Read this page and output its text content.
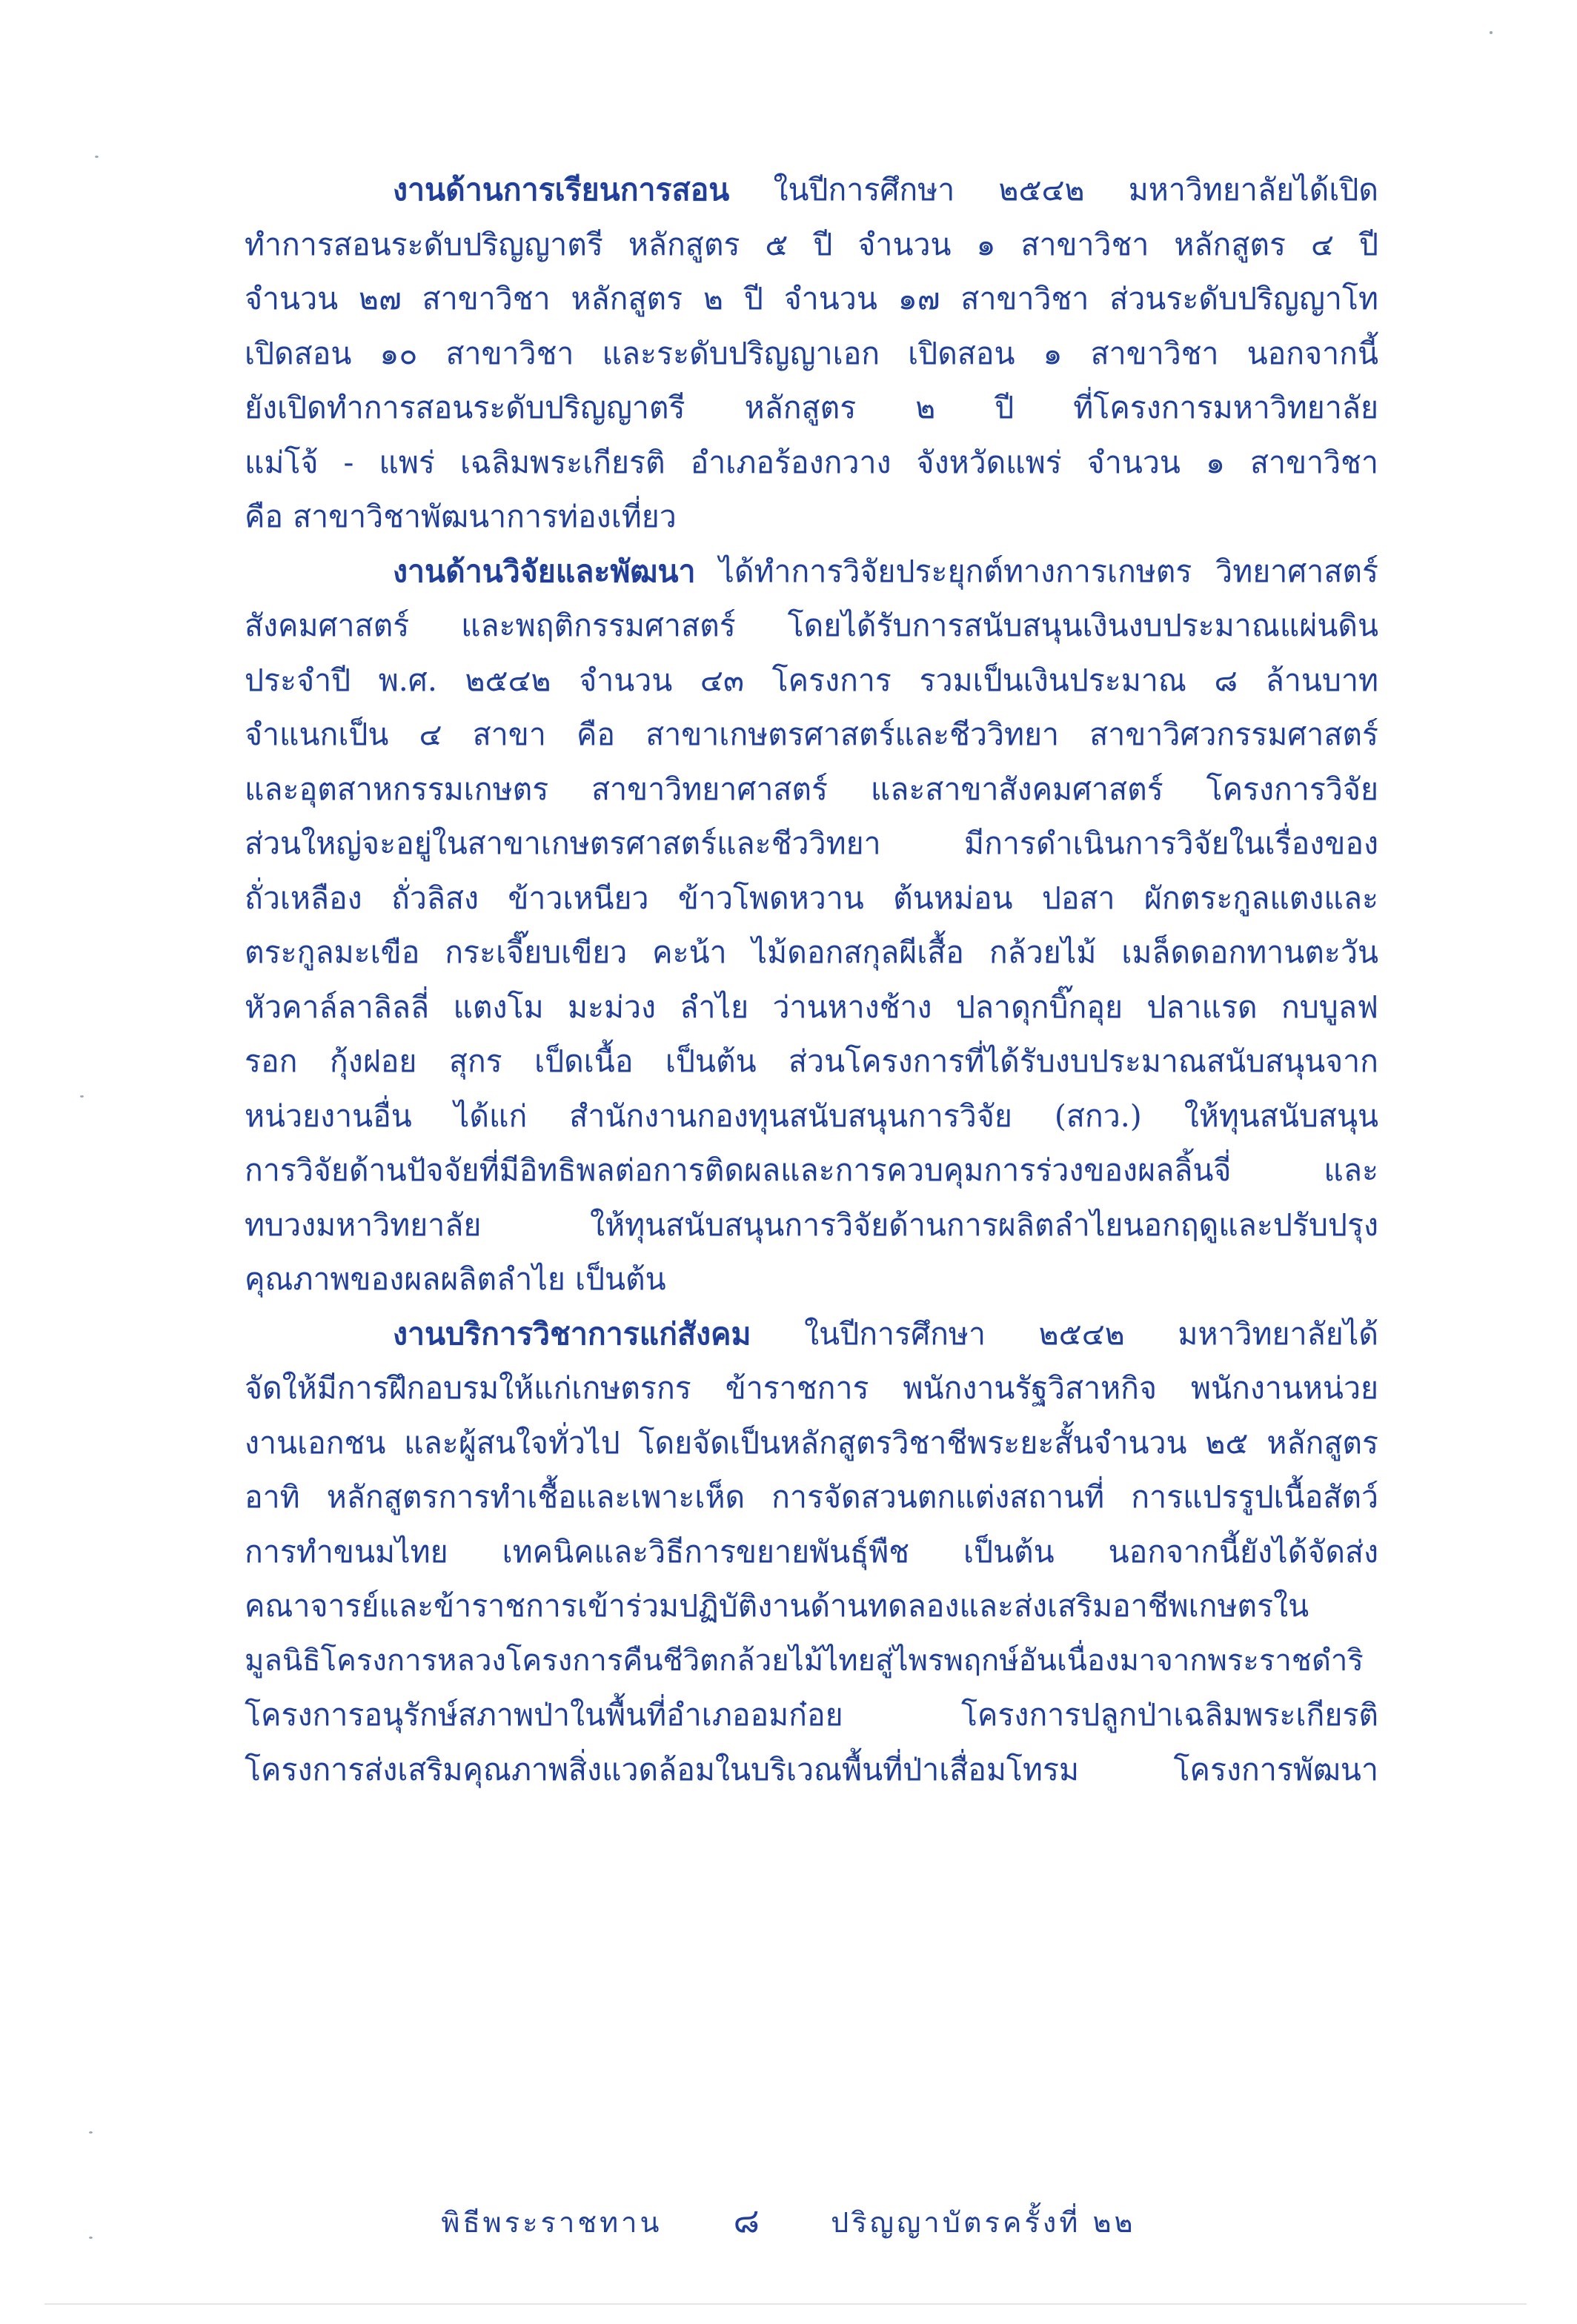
งานด้านการเรียนการสอน ในปีการศึกษา ๒๕๔๒ มหาวิทยาลัยได้เปิด
ทำการสอนระดับปริญญาตรี หลักสูตร ๕ ปี จำนวน ๑ สาขาวิชา หลักสูตร ๔ ปี
จำนวน ๒๗ สาขาวิชา หลักสูตร ๒ ปี จำนวน ๑๗ สาขาวิชา ส่วนระดับปริญญาโท
เปิดสอน ๑๐ สาขาวิชา และระดับปริญญาเอก เปิดสอน ๑ สาขาวิชา นอกจากนี้
ยังเปิดทำการสอนระดับปริญญาตรี หลักสูตร ๒ ปี ที่โครงการมหาวิทยาลัย
แม่โจ้ - แพร่ เฉลิมพระเกียรติ อำเภอร้องกวาง จังหวัดแพร่ จำนวน ๑ สาขาวิชา
คือ สาขาวิชาพัฒนาการท่องเที่ยว
งานด้านวิจัยและพัฒนา ได้ทำการวิจัยประยุกต์ทางการเกษตร วิทยาศาสตร์
สังคมศาสตร์ และพฤติกรรมศาสตร์ โดยได้รับการสนับสนุนเงินงบประมาณแผ่นดิน
ประจำปี พ.ศ. ๒๕๔๒ จำนวน ๔๓ โครงการ รวมเป็นเงินประมาณ ๘ ล้านบาท
จำแนกเป็น ๔ สาขา คือ สาขาเกษตรศาสตร์และชีววิทยา สาขาวิศวกรรมศาสตร์
และอุตสาหกรรมเกษตร สาขาวิทยาศาสตร์ และสาขาสังคมศาสตร์ โครงการวิจัย
ส่วนใหญ่จะอยู่ในสาขาเกษตรศาสตร์และชีววิทยา มีการดำเนินการวิจัยในเรื่องของ
ถั่วเหลือง ถั่วลิสง ข้าวเหนียว ข้าวโพดหวาน ต้นหม่อน ปอสา ผักตระกูลแตงและ
ตระกูลมะเขือ กระเจี๊ยบเขียว คะน้า ไม้ดอกสกุลผีเสื้อ กล้วยไม้ เมล็ดดอกทานตะวัน
หัวคาล์ลาลิลลี่ แตงโม มะม่วง ลำไย ว่านหางช้าง ปลาดุกบิ๊กอุย ปลาแรด กบบูลฟ
รอก กุ้งฝอย สุกร เป็ดเนื้อ เป็นต้น ส่วนโครงการที่ได้รับงบประมาณสนับสนุนจาก
หน่วยงานอื่น ได้แก่ สำนักงานกองทุนสนับสนุนการวิจัย (สกว.) ให้ทุนสนับสนุน
การวิจัยด้านปัจจัยที่มีอิทธิพลต่อการติดผลและการควบคุมการร่วงของผลลิ้นจี่ และ
ทบวงมหาวิทยาลัย ให้ทุนสนับสนุนการวิจัยด้านการผลิตลำไยนอกฤดูและปรับปรุง
คุณภาพของผลผลิตลำไย เป็นต้น
งานบริการวิชาการแก่สังคม ในปีการศึกษา ๒๕๔๒ มหาวิทยาลัยได้
จัดให้มีการฝึกอบรมให้แก่เกษตรกร ข้าราชการ พนักงานรัฐวิสาหกิจ พนักงานหน่วย
งานเอกชน และผู้สนใจทั่วไป โดยจัดเป็นหลักสูตรวิชาชีพระยะสั้นจำนวน ๒๕ หลักสูตร
อาทิ หลักสูตรการทำเชื้อและเพาะเห็ด การจัดสวนตกแต่งสถานที่ การแปรรูปเนื้อสัตว์
การทำขนมไทย เทคนิคและวิธีการขยายพันธุ์พืช เป็นต้น นอกจากนี้ยังได้จัดส่ง
คณาจารย์และข้าราชการเข้าร่วมปฏิบัติงานด้านทดลองและส่งเสริมอาชีพเกษตรใน
มูลนิธิโครงการหลวงโครงการคืนชีวิตกล้วยไม้ไทยสู่ไพรพฤกษ์อันเนื่องมาจากพระราชดำริ
โครงการอนุรักษ์สภาพป่าในพื้นที่อำเภออมก๋อย โครงการปลูกป่าเฉลิมพระเกียรติ
โครงการส่งเสริมคุณภาพสิ่งแวดล้อมในบริเวณพื้นที่ป่าเสื่อมโทรม โครงการพัฒนา
พิธีพระราชทาน ๘	ปริญญาบัตรครั้งที่ ๒๒
